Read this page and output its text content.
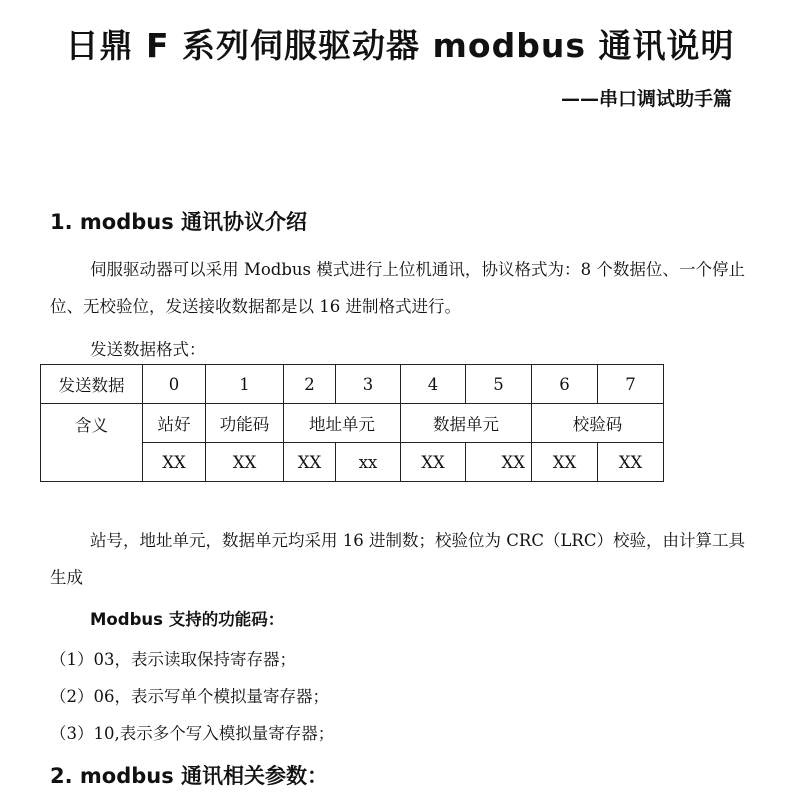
日鼎 F 系列伺服驱动器 modbus 通讯说明
——串口调试助手篇
1. modbus 通讯协议介绍
伺服驱动器可以采用 Modbus 模式进行上位机通讯，协议格式为：8 个数据位、一个停止位、无校验位，发送接收数据都是以 16 进制格式进行。
发送数据格式：
发送数据	0	1	2	3	4	5	6	7
含义	站好	功能码	地址单元		数据单元		校验码	
	XX	XX	XX	xx	XX	XX	XX	XX
站号，地址单元，数据单元均采用 16 进制数；校验位为 CRC（LRC）校验，由计算工具生成
Modbus 支持的功能码：
（1）03，表示读取保持寄存器；
（2）06，表示写单个模拟量寄存器；
（3）10,表示多个写入模拟量寄存器；
2. modbus 通讯相关参数：
